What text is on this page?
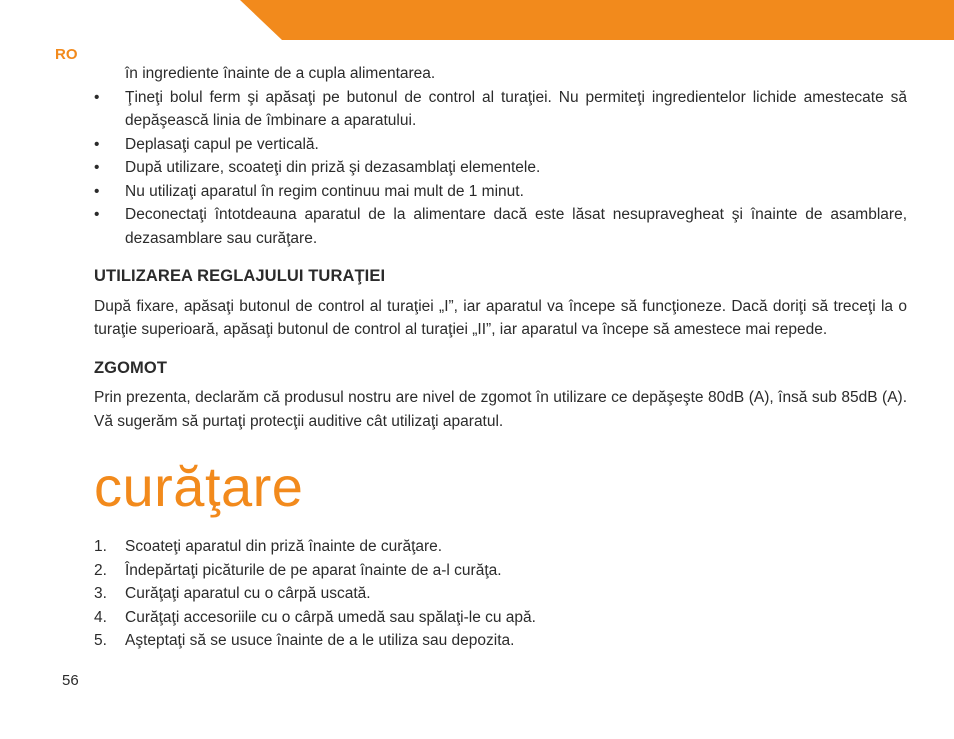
RO
în ingrediente înainte de a cupla alimentarea.
• Ţineţi bolul ferm şi apăsaţi pe butonul de control al turaţiei. Nu permiteţi ingredientelor lichide amestecate să depăşească linia de îmbinare a aparatului.
• Deplasaţi capul pe verticală.
• După utilizare, scoateţi din priză şi dezasamblaţi elementele.
• Nu utilizaţi aparatul în regim continuu mai mult de 1 minut.
• Deconectaţi întotdeauna aparatul de la alimentare dacă este lăsat nesupravegheat şi înainte de asamblare, dezasamblare sau curăţare.
UTILIZAREA REGLAJULUI TURAŢIEI

După fixare, apăsaţi butonul de control al turaţiei „I”, iar aparatul va începe să funcţioneze. Dacă doriţi să treceţi la o turaţie superioară, apăsaţi butonul de control al turaţiei „II”, iar aparatul va începe să amestece mai repede.

ZGOMOT

Prin prezenta, declarăm că produsul nostru are nivel de zgomot în utilizare ce depăşeşte 80dB (A), însă sub 85dB (A). Vă sugerăm să purtaţi protecţii auditive cât utilizaţi aparatul.

curăţare
1. Scoateţi aparatul din priză înainte de curăţare.
2. Îndepărtaţi picăturile de pe aparat înainte de a-l curăţa.
3. Curăţaţi aparatul cu o cârpă uscată.
4. Curăţaţi accesoriile cu o cârpă umedă sau spălaţi-le cu apă.
5. Aşteptaţi să se usuce înainte de a le utiliza sau depozita.
56
